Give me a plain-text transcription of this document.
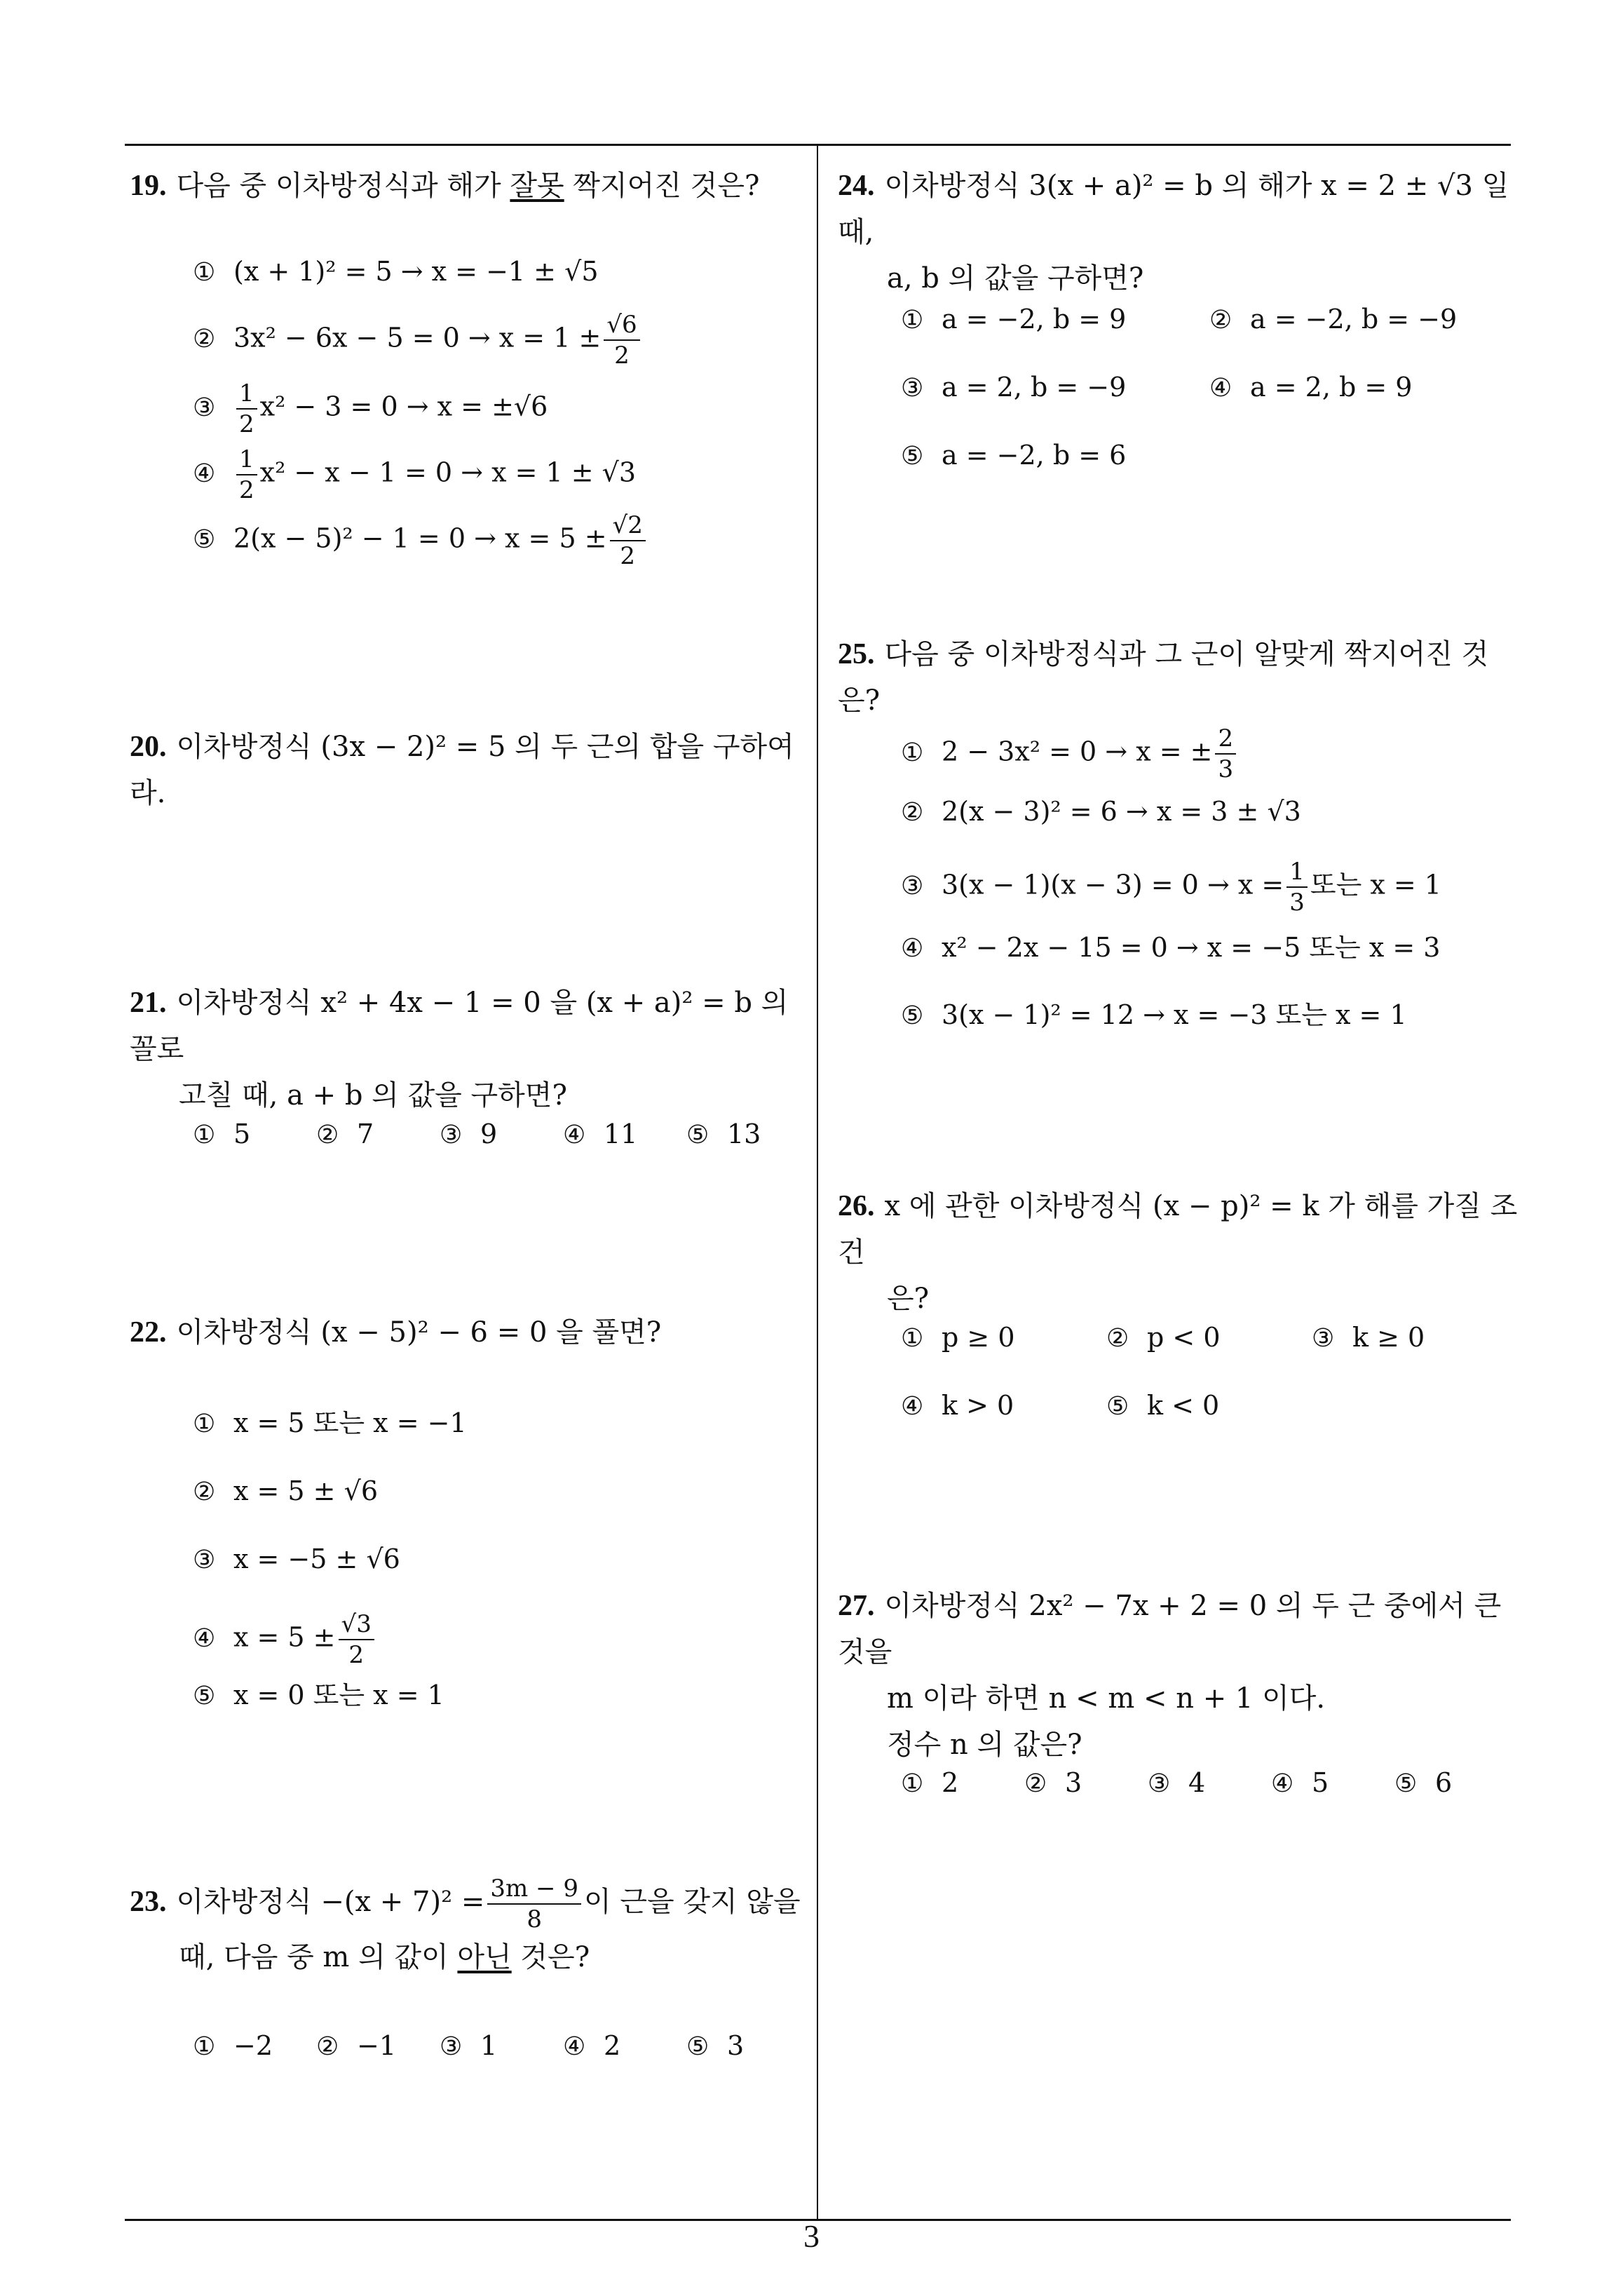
19. 다음 중 이차방정식과 해가 잘못 짝지어진 것은?
① (x + 1)² = 5 → x = −1 ± √5
② $3x^2 - 6x - 5 = 0 \to x = 1 \pm \frac{√6}{2}$
③ $\frac{1}{2} x^2 - 3 = 0 \to x = \pm√6$
④ $\frac{1}{2} x^2 - x - 1 = 0 \to x = 1 \pm √3$
⑤ $2(x - 5)^2 - 1 = 0 \to x = 5 \pm \frac{√2}{2}$
20. 이차방정식 (3x − 2)² = 5 의 두 근의 합을 구하여라.
21. 이차방정식 x² + 4x − 1 = 0 을 (x + a)² = b 의 꼴로
고칠 때, a + b 의 값을 구하면?
① 5	② 7	③ 9	④ 11 ⑤ 13
22. 이차방정식 (x − 5)² − 6 = 0 을 풀면?
① x = 5 또는 x = −1
② x = 5 ± √6
③ x = −5 ± √6
④ $x = 5 \pm \frac{√3}{2}$
⑤ x = 0 또는 x = 1
23. 이차방정식 $-(x + 7)^2 = \frac{3m - 9}{8}$ 이 근을 갖지 않을
때, 다음 중 m 의 값이 아닌 것은?
① −2 ② −1 ③ 1	④ 2	⑤ 3
24. 이차방정식 3(x + a)² = b 의 해가 x = 2 ± √3 일 때,
a, b 의 값을 구하면?
① a = −2, b = 9	② a = −2, b = −9
③ a = 2, b = −9	④ a = 2, b = 9
⑤ a = −2, b = 6
25. 다음 중 이차방정식과 그 근이 알맞게 짝지어진 것은?
① 2 − 3x² = 0 → x = ± $\frac{2}{3}$
② 2(x − 3)² = 6 → x = 3 ± √3
③ $3(x - 1)(x - 3) = 0 \to x = \frac{1}{3}$ 또는 x = 1
④ x² − 2x − 15 = 0 → x = −5 또는 x = 3
⑤ 3(x − 1)² = 12 → x = −3 또는 x = 1
26. x 에 관한 이차방정식 (x − p)² = k 가 해를 가질 조건
은?
① p ≥ 0	② p < 0	③ k ≥ 0
④ k > 0	⑤ k < 0
27. 이차방정식 2x² − 7x + 2 = 0 의 두 근 중에서 큰 것을
m 이라 하면 n < m < n + 1 이다.
정수 n 의 값은?
① 2	② 3	③ 4	④ 5	⑤ 6
3
